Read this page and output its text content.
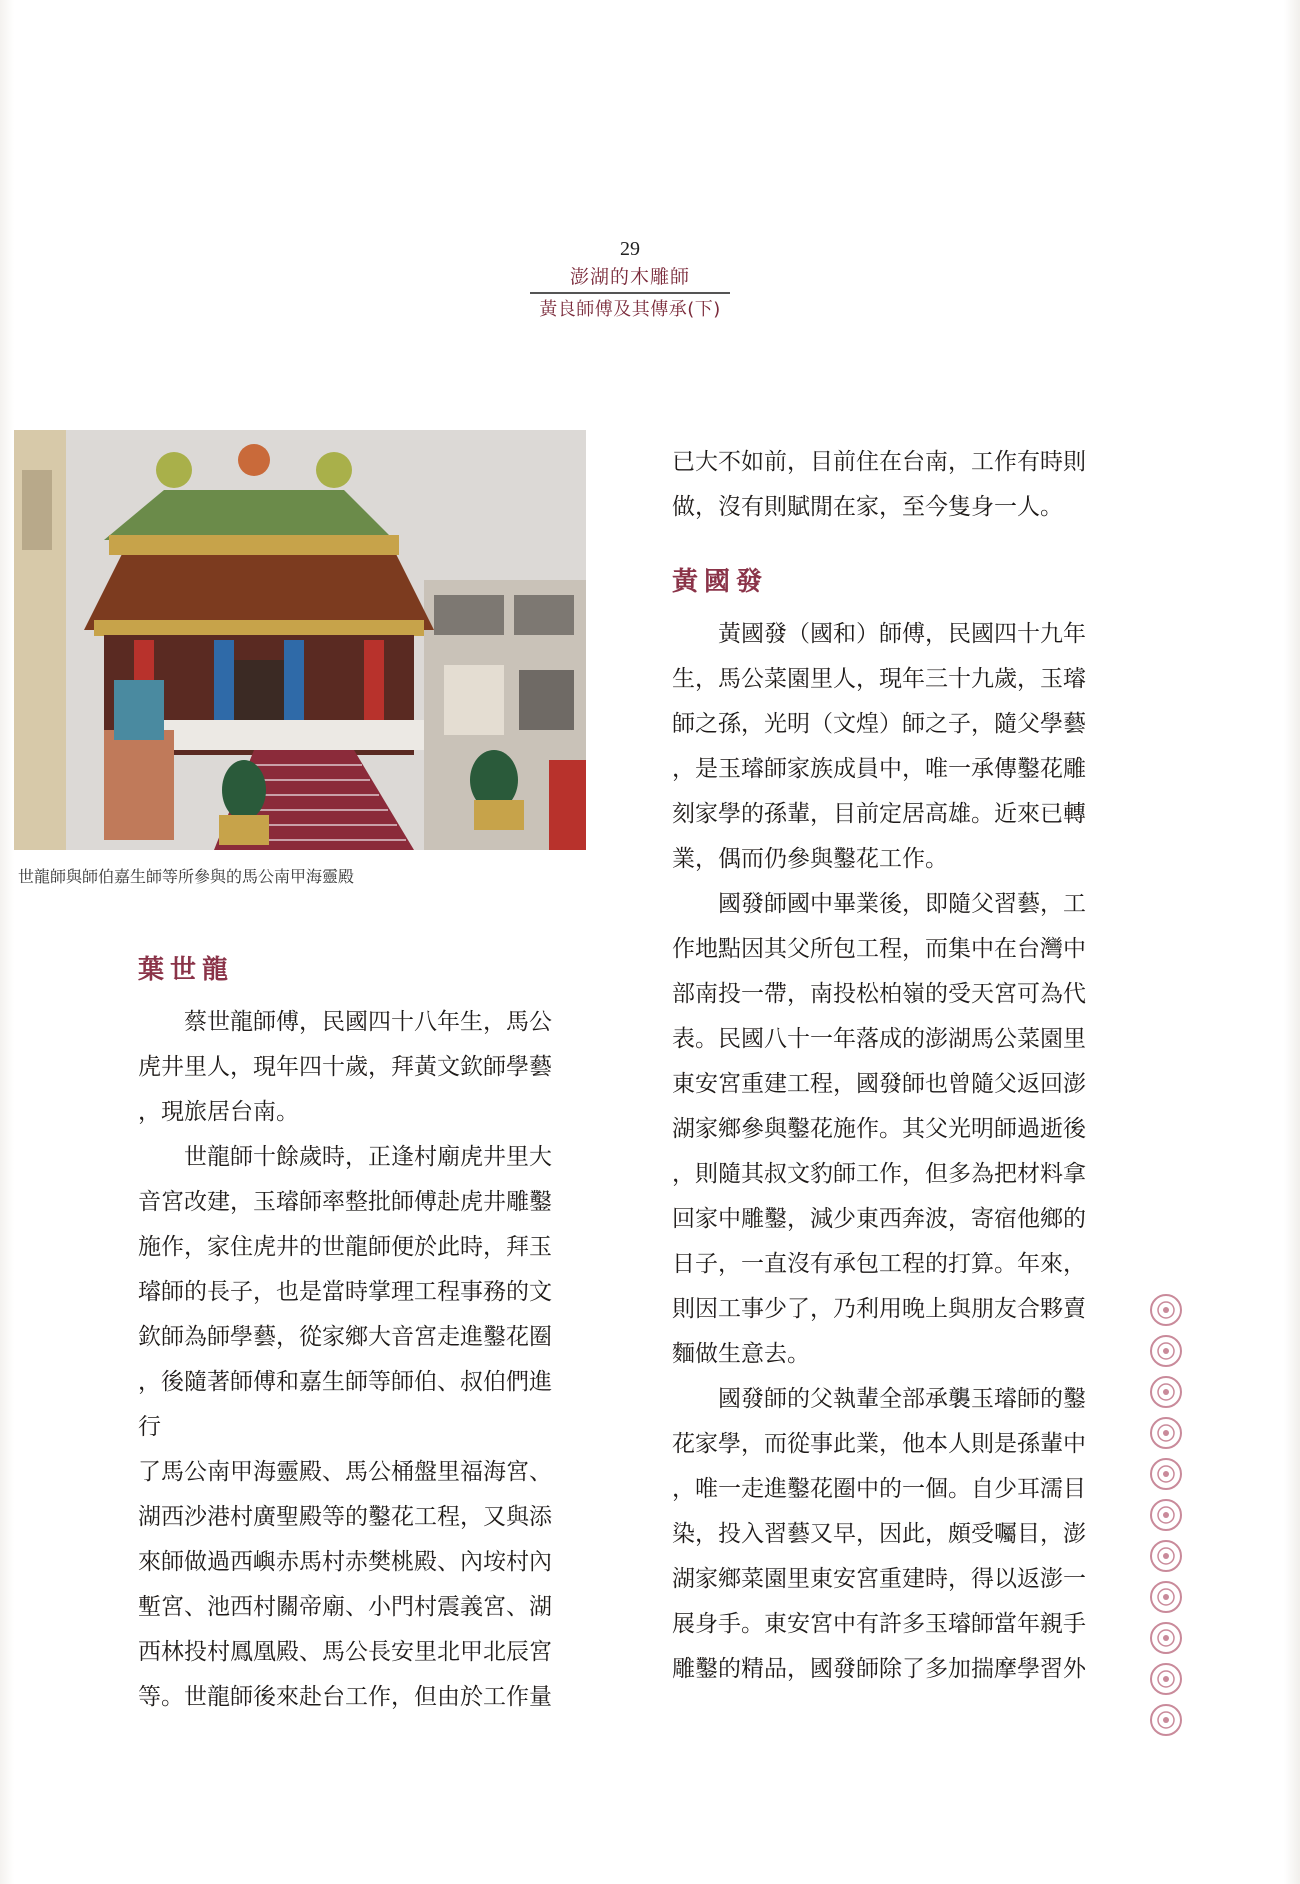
29
澎湖的木雕師
黃良師傅及其傳承(下)
世龍師與師伯嘉生師等所參與的馬公南甲海靈殿
葉世龍
蔡世龍師傅，民國四十八年生，馬公
虎井里人，現年四十歲，拜黃文欽師學藝
，現旅居台南。
世龍師十餘歲時，正逢村廟虎井里大
音宮改建，玉璿師率整批師傅赴虎井雕鑿
施作，家住虎井的世龍師便於此時，拜玉
璿師的長子，也是當時掌理工程事務的文
欽師為師學藝，從家鄉大音宮走進鑿花圈
，後隨著師傅和嘉生師等師伯、叔伯們進
行
了馬公南甲海靈殿、馬公桶盤里福海宮、
湖西沙港村廣聖殿等的鑿花工程，又與添
來師做過西嶼赤馬村赤樊桃殿、內垵村內
塹宮、池西村關帝廟、小門村震義宮、湖
西林投村鳳凰殿、馬公長安里北甲北辰宮
等。世龍師後來赴台工作，但由於工作量
已大不如前，目前住在台南，工作有時則
做，沒有則賦閒在家，至今隻身一人。
黃國發
黃國發（國和）師傅，民國四十九年
生，馬公菜園里人，現年三十九歲，玉璿
師之孫，光明（文煌）師之子，隨父學藝
，是玉璿師家族成員中，唯一承傳鑿花雕
刻家學的孫輩，目前定居高雄。近來已轉
業，偶而仍參與鑿花工作。
國發師國中畢業後，即隨父習藝，工
作地點因其父所包工程，而集中在台灣中
部南投一帶，南投松柏嶺的受天宮可為代
表。民國八十一年落成的澎湖馬公菜園里
東安宮重建工程，國發師也曾隨父返回澎
湖家鄉參與鑿花施作。其父光明師過逝後
，則隨其叔文豹師工作，但多為把材料拿
回家中雕鑿，減少東西奔波，寄宿他鄉的
日子，一直沒有承包工程的打算。年來，
則因工事少了，乃利用晚上與朋友合夥賣
麵做生意去。
國發師的父執輩全部承襲玉璿師的鑿
花家學，而從事此業，他本人則是孫輩中
，唯一走進鑿花圈中的一個。自少耳濡目
染，投入習藝又早，因此，頗受囑目，澎
湖家鄉菜園里東安宮重建時，得以返澎一
展身手。東安宮中有許多玉璿師當年親手
雕鑿的精品，國發師除了多加揣摩學習外
